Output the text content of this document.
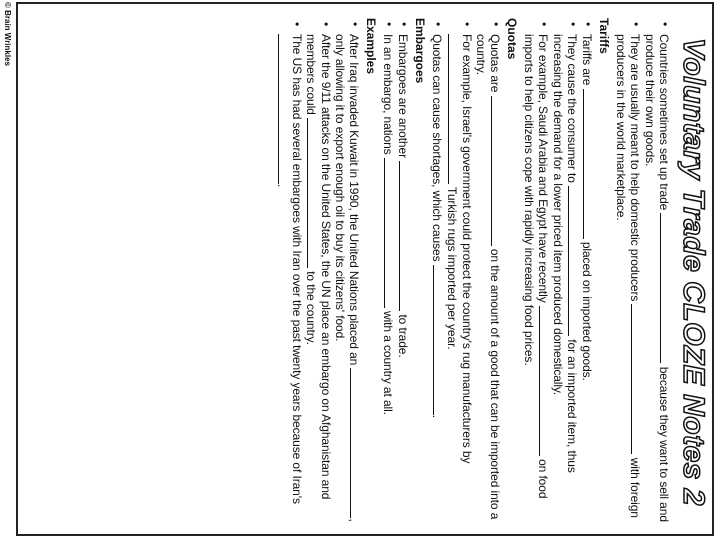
© Brain Wrinkles
Voluntary Trade CLOZE Notes 2
• Countries sometimes set up trade  because they want to sell and produce their own goods.
• They are usually meant to help domestic producers  with foreign producers in the world marketplace.
Tariffs
• Tariffs are  placed on imported goods.
• They cause the consumer to  for an imported item, thus increasing the demand for a lower priced item produced domestically.
• For example, Saudi Arabia and Egypt have recently  on food imports to help citizens cope with rapidly increasing food prices.
Quotas
• Quotas are  on the amount of a good that can be imported into a country.
• For example, Israel's government could protect the country's rug manufacturers by  Turkish rugs imported per year.
• Quotas can cause shortages, which causes .
Embargoes
• Embargoes are another  to trade.
• In an embargo, nations  with a country at all.
Examples
• After Iraq invaded Kuwait in 1990, the United Nations placed an , only allowing it to export enough oil to buy its citizens' food.
• After the 9/11 attacks on the United States, the UN place an embargo on Afghanistan and members could  to the country.
• The US has had several embargoes with Iran over the past twenty years because of Iran's .
